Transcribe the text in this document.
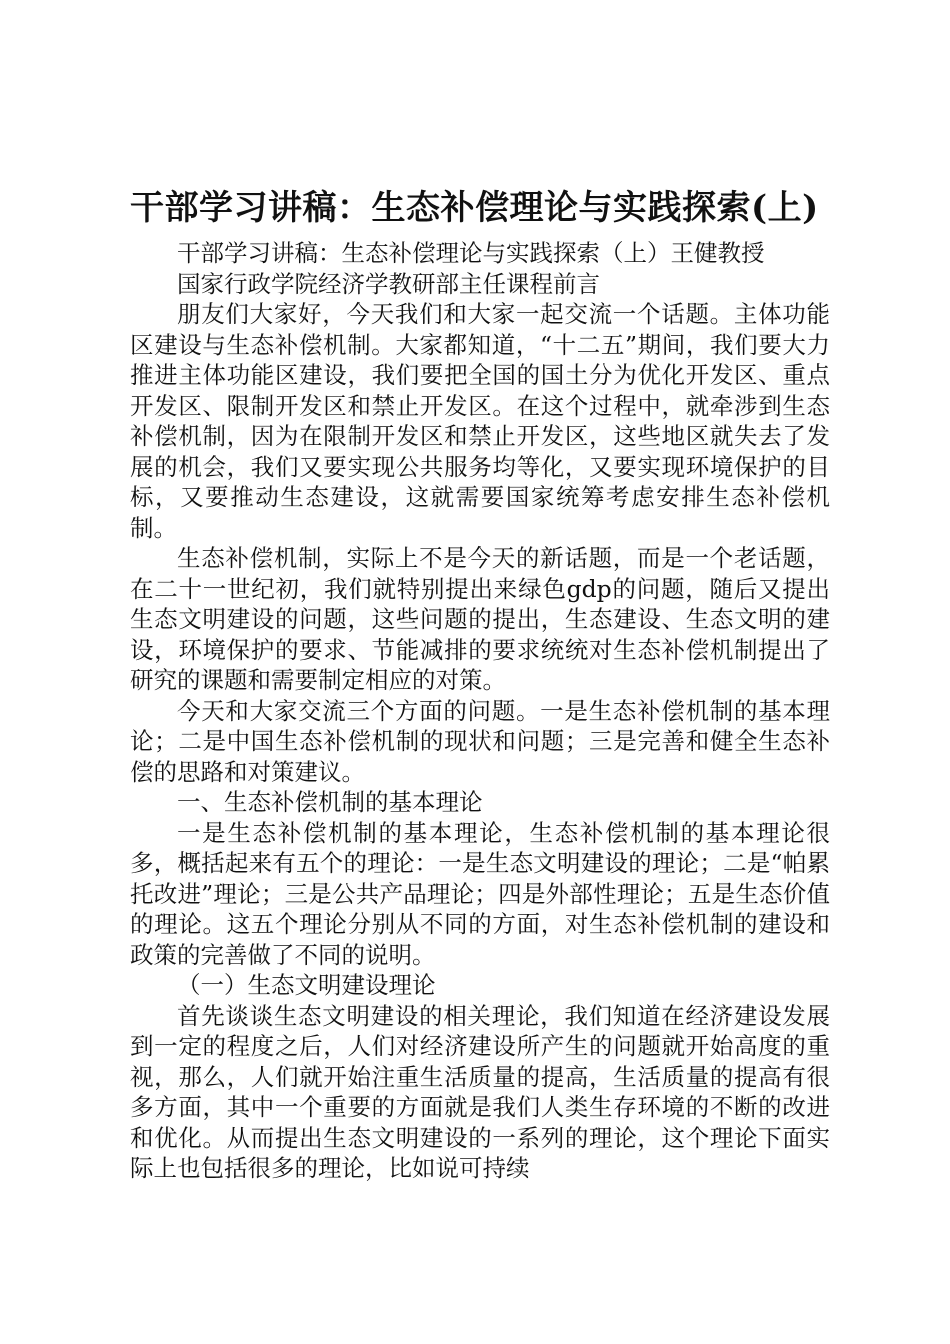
干部学习讲稿：生态补偿理论与实践探索(上)

干部学习讲稿：生态补偿理论与实践探索（上）王健教授

国家行政学院经济学教研部主任课程前言

朋友们大家好，今天我们和大家一起交流一个话题。主体功能区建设与生态补偿机制。大家都知道，“十二五”期间，我们要大力推进主体功能区建设，我们要把全国的国土分为优化开发区、重点开发区、限制开发区和禁止开发区。在这个过程中，就牵涉到生态补偿机制，因为在限制开发区和禁止开发区，这些地区就失去了发展的机会，我们又要实现公共服务均等化，又要实现环境保护的目标，又要推动生态建设，这就需要国家统筹考虑安排生态补偿机制。

生态补偿机制，实际上不是今天的新话题，而是一个老话题，在二十一世纪初，我们就特别提出来绿色gdp的问题，随后又提出生态文明建设的问题，这些问题的提出，生态建设、生态文明的建设，环境保护的要求、节能减排的要求统统对生态补偿机制提出了研究的课题和需要制定相应的对策。

今天和大家交流三个方面的问题。一是生态补偿机制的基本理论；二是中国生态补偿机制的现状和问题；三是完善和健全生态补偿的思路和对策建议。

一、生态补偿机制的基本理论

一是生态补偿机制的基本理论，生态补偿机制的基本理论很多，概括起来有五个的理论：一是生态文明建设的理论；二是“帕累托改进”理论；三是公共产品理论；四是外部性理论；五是生态价值的理论。这五个理论分别从不同的方面，对生态补偿机制的建设和政策的完善做了不同的说明。

（一）生态文明建设理论

首先谈谈生态文明建设的相关理论，我们知道在经济建设发展到一定的程度之后，人们对经济建设所产生的问题就开始高度的重视，那么，人们就开始注重生活质量的提高，生活质量的提高有很多方面，其中一个重要的方面就是我们人类生存环境的不断的改进和优化。从而提出生态文明建设的一系列的理论，这个理论下面实际上也包括很多的理论，比如说可持续
